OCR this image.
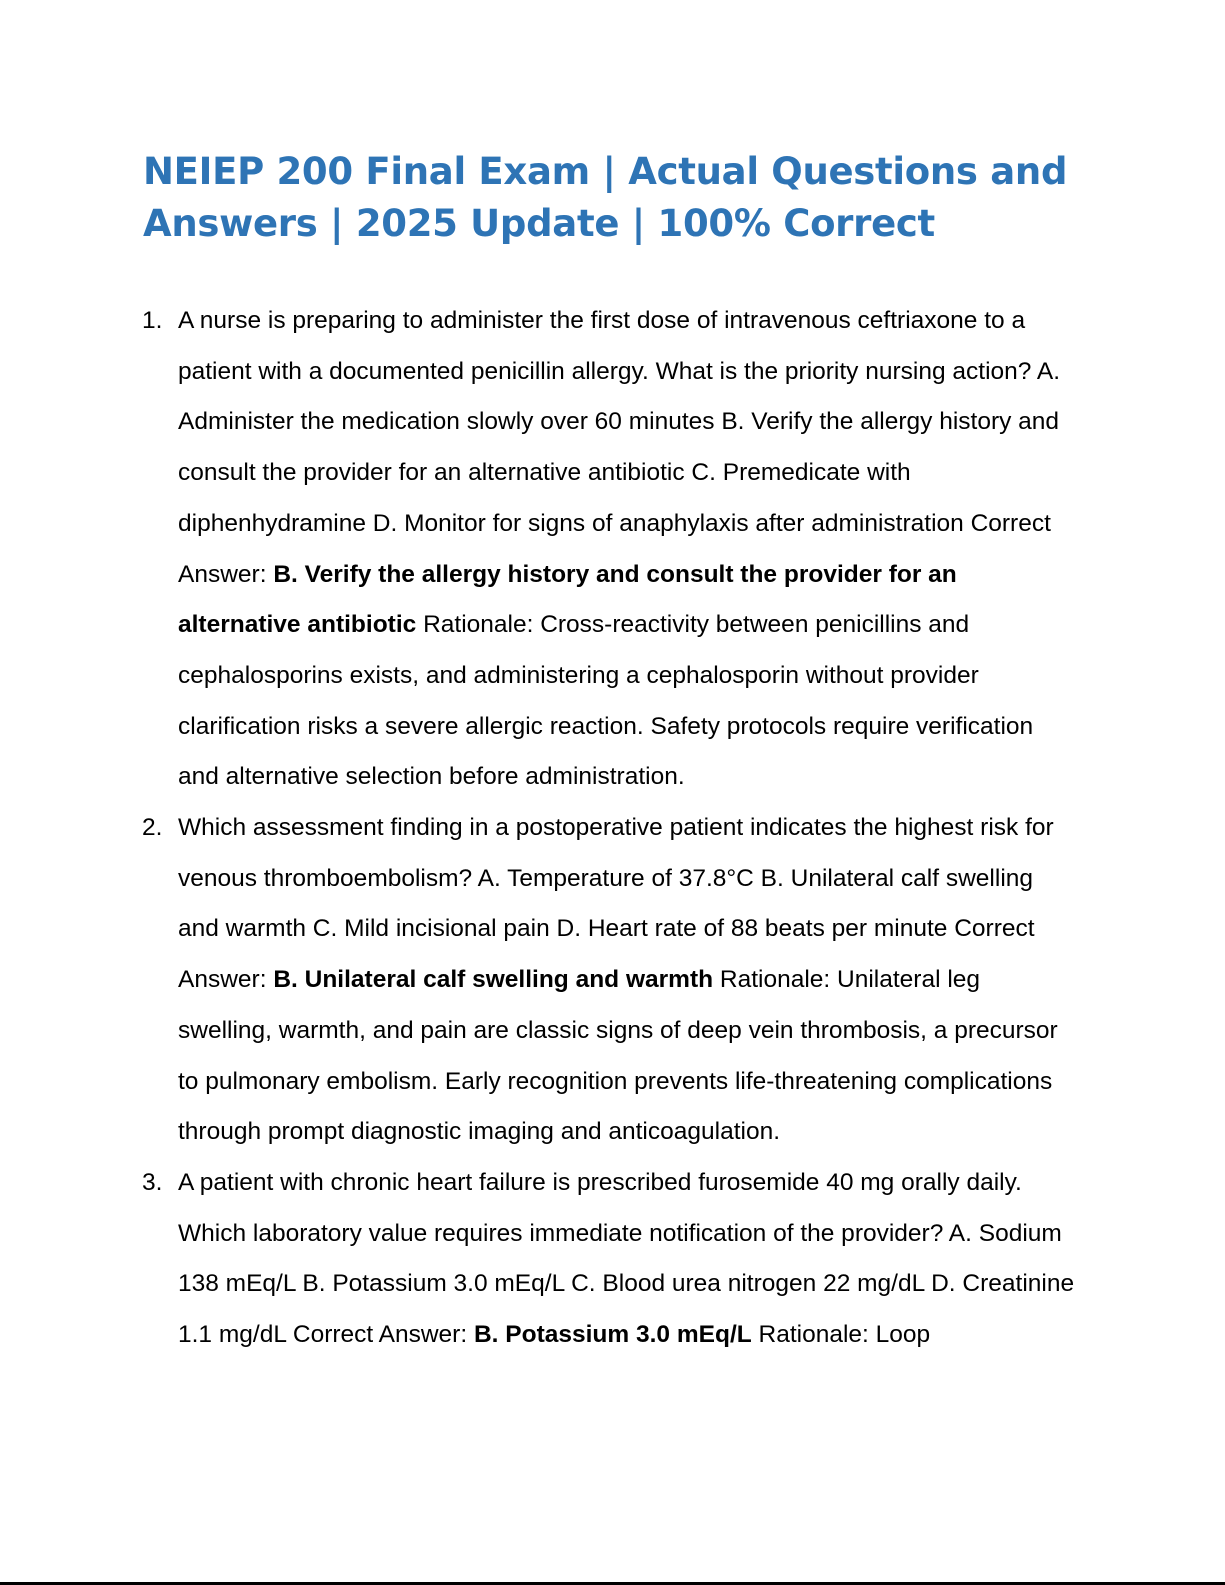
NEIEP 200 Final Exam | Actual Questions and Answers | 2025 Update | 100% Correct
1. A nurse is preparing to administer the first dose of intravenous ceftriaxone to a patient with a documented penicillin allergy. What is the priority nursing action? A. Administer the medication slowly over 60 minutes B. Verify the allergy history and consult the provider for an alternative antibiotic C. Premedicate with diphenhydramine D. Monitor for signs of anaphylaxis after administration Correct Answer: B. Verify the allergy history and consult the provider for an alternative antibiotic Rationale: Cross-reactivity between penicillins and cephalosporins exists, and administering a cephalosporin without provider clarification risks a severe allergic reaction. Safety protocols require verification and alternative selection before administration.
2. Which assessment finding in a postoperative patient indicates the highest risk for venous thromboembolism? A. Temperature of 37.8°C B. Unilateral calf swelling and warmth C. Mild incisional pain D. Heart rate of 88 beats per minute Correct Answer: B. Unilateral calf swelling and warmth Rationale: Unilateral leg swelling, warmth, and pain are classic signs of deep vein thrombosis, a precursor to pulmonary embolism. Early recognition prevents life-threatening complications through prompt diagnostic imaging and anticoagulation.
3. A patient with chronic heart failure is prescribed furosemide 40 mg orally daily. Which laboratory value requires immediate notification of the provider? A. Sodium 138 mEq/L B. Potassium 3.0 mEq/L C. Blood urea nitrogen 22 mg/dL D. Creatinine 1.1 mg/dL Correct Answer: B. Potassium 3.0 mEq/L Rationale: Loop
